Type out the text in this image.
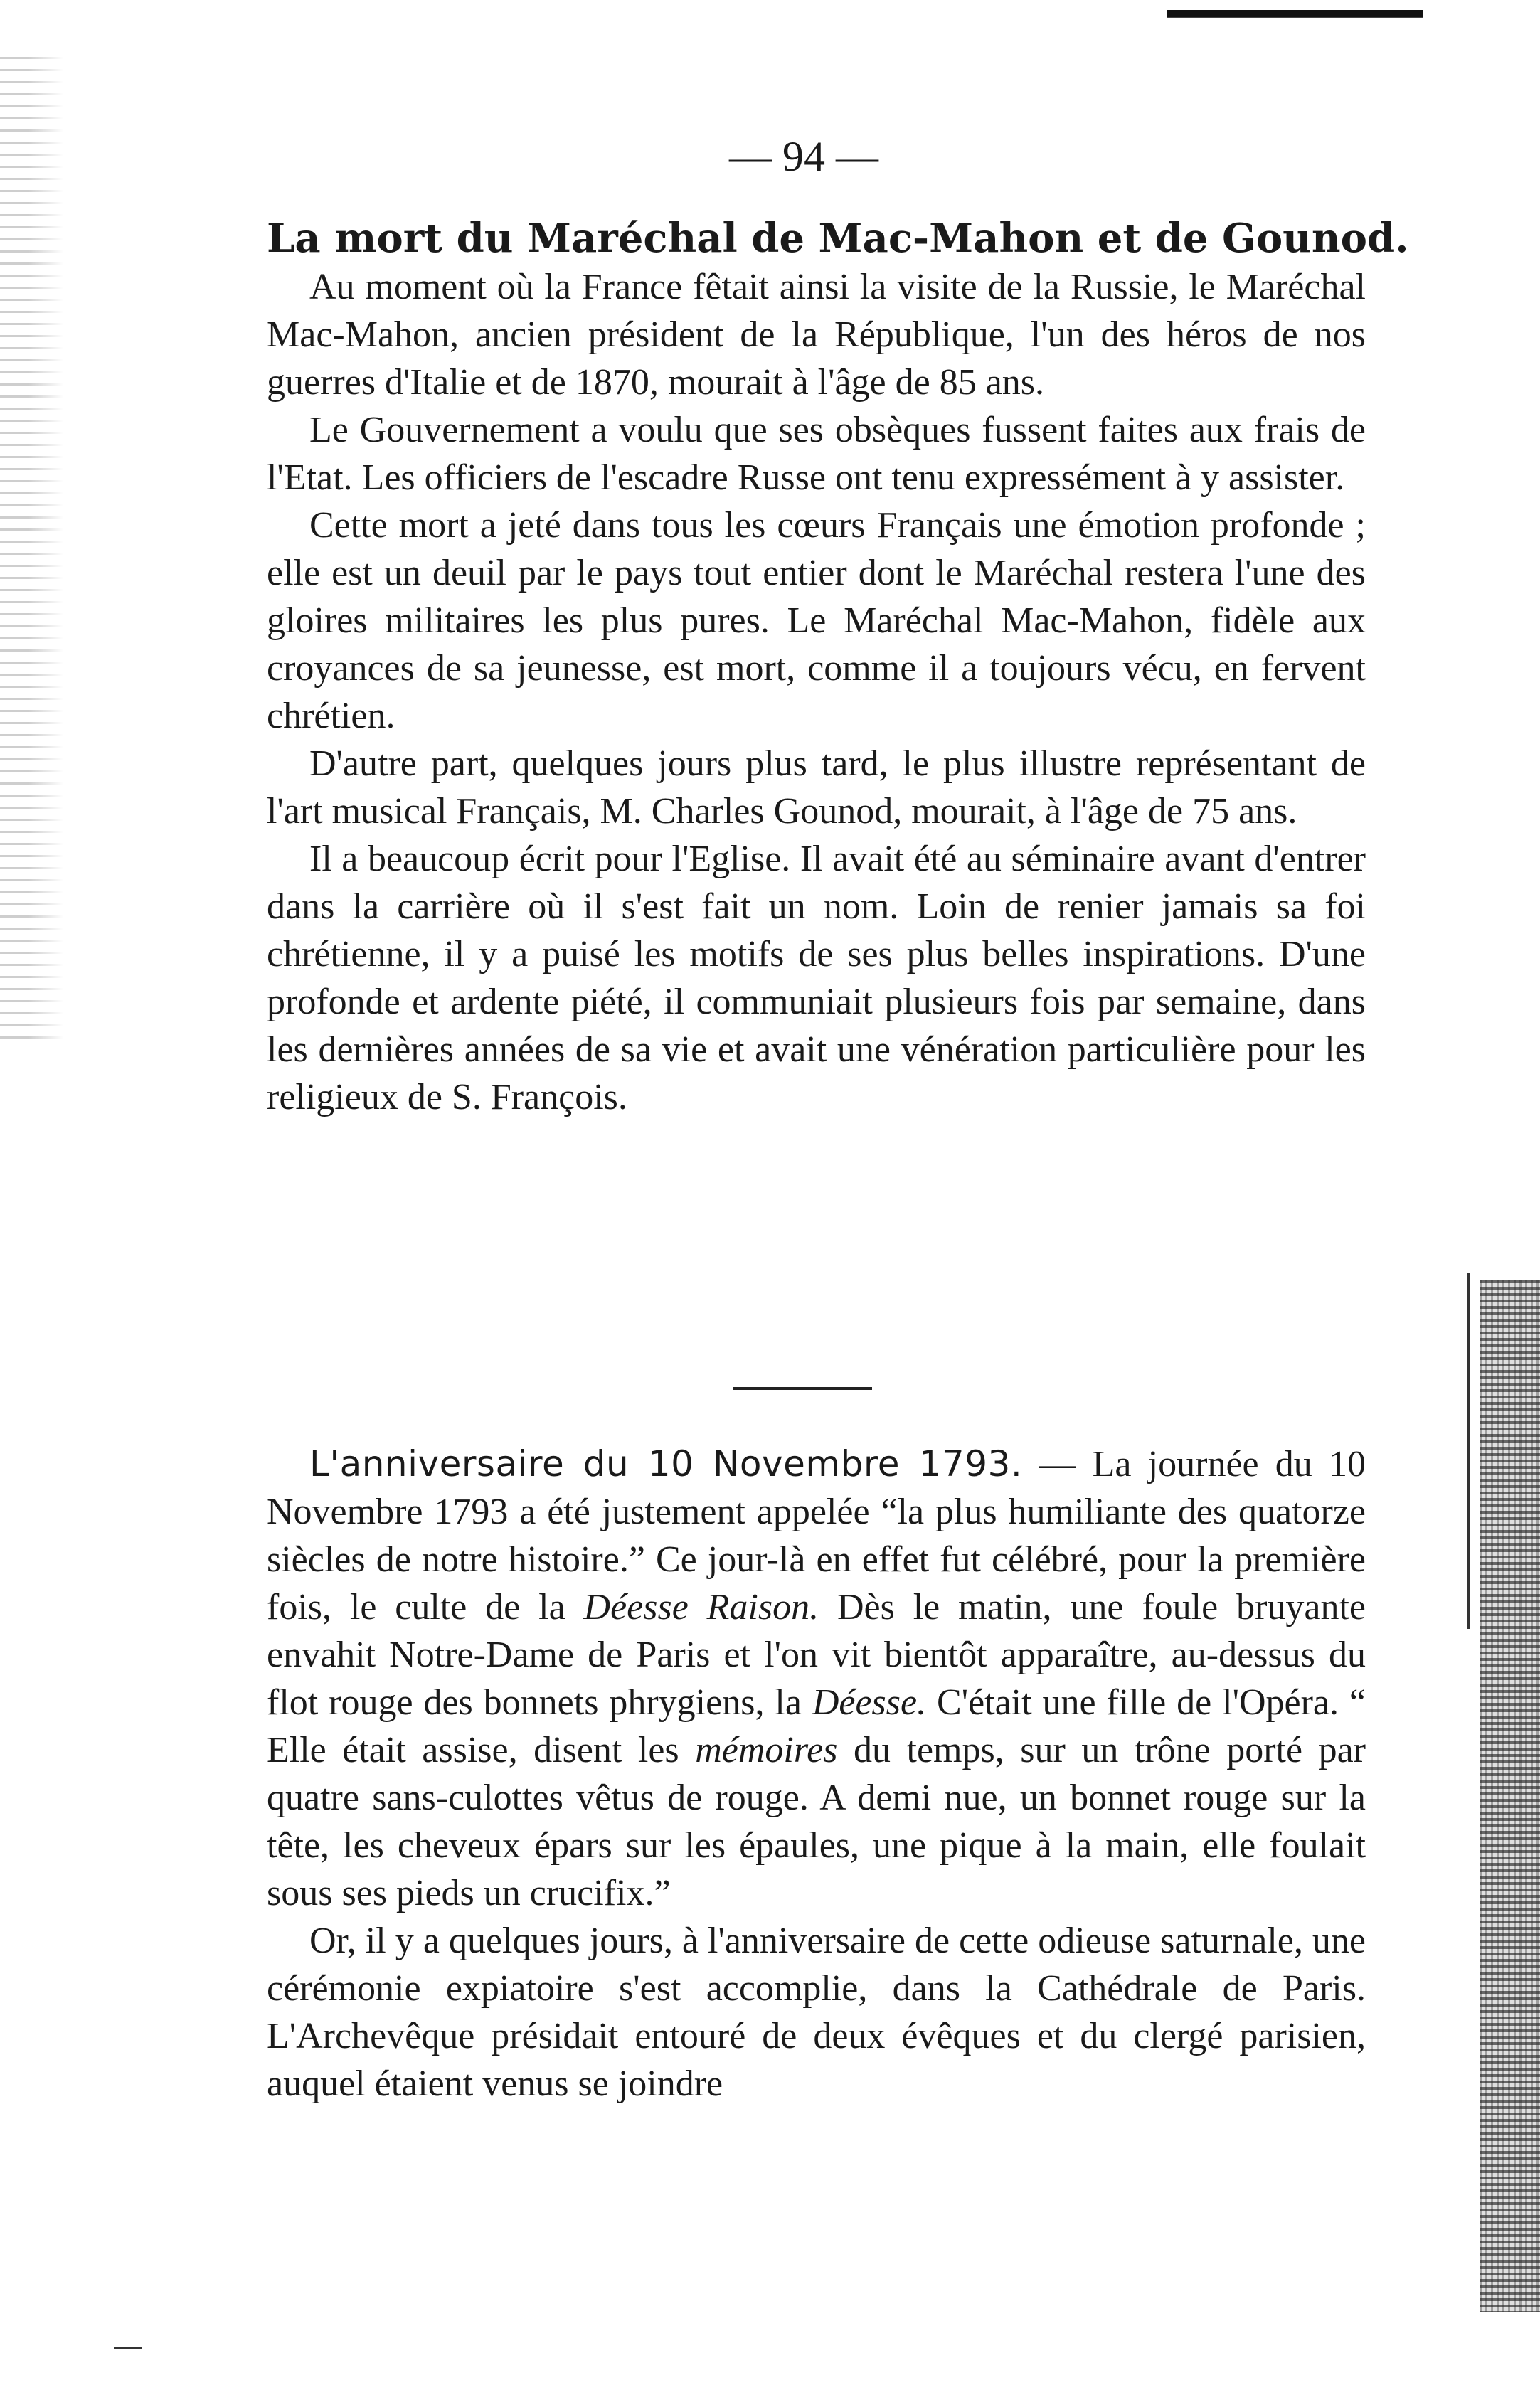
— 94 —
La mort du Maréchal de Mac-Mahon et de Gounod.

Au moment où la France fêtait ainsi la visite de la Russie, le Maréchal Mac-Mahon, ancien président de la République, l'un des héros de nos guerres d'Italie et de 1870, mourait à l'âge de 85 ans.

Le Gouvernement a voulu que ses obsèques fussent faites aux frais de l'Etat. Les officiers de l'escadre Russe ont tenu expressément à y assister.

Cette mort a jeté dans tous les cœurs Français une émotion profonde ; elle est un deuil par le pays tout entier dont le Maréchal restera l'une des gloires militaires les plus pures. Le Maréchal Mac-Mahon, fidèle aux croyances de sa jeunesse, est mort, comme il a toujours vécu, en fervent chrétien.

D'autre part, quelques jours plus tard, le plus illustre représentant de l'art musical Français, M. Charles Gounod, mourait, à l'âge de 75 ans.

Il a beaucoup écrit pour l'Eglise. Il avait été au séminaire avant d'entrer dans la carrière où il s'est fait un nom. Loin de renier jamais sa foi chrétienne, il y a puisé les motifs de ses plus belles inspirations. D'une profonde et ardente piété, il communiait plusieurs fois par semaine, dans les dernières années de sa vie et avait une vénération particulière pour les religieux de S. François.

L'anniversaire du 10 Novembre 1793. — La journée du 10 Novembre 1793 a été justement appelée “la plus humiliante des quatorze siècles de notre histoire.” Ce jour-là en effet fut célébré, pour la première fois, le culte de la Déesse Raison. Dès le matin, une foule bruyante envahit Notre-Dame de Paris et l'on vit bientôt apparaître, au-dessus du flot rouge des bonnets phrygiens, la Déesse. C'était une fille de l'Opéra. “ Elle était assise, disent les mémoires du temps, sur un trône porté par quatre sans-culottes vêtus de rouge. A demi nue, un bonnet rouge sur la tête, les cheveux épars sur les épaules, une pique à la main, elle foulait sous ses pieds un crucifix.”

Or, il y a quelques jours, à l'anniversaire de cette odieuse saturnale, une cérémonie expiatoire s'est accomplie, dans la Cathédrale de Paris. L'Archevêque présidait entouré de deux évêques et du clergé parisien, auquel étaient venus se joindre
